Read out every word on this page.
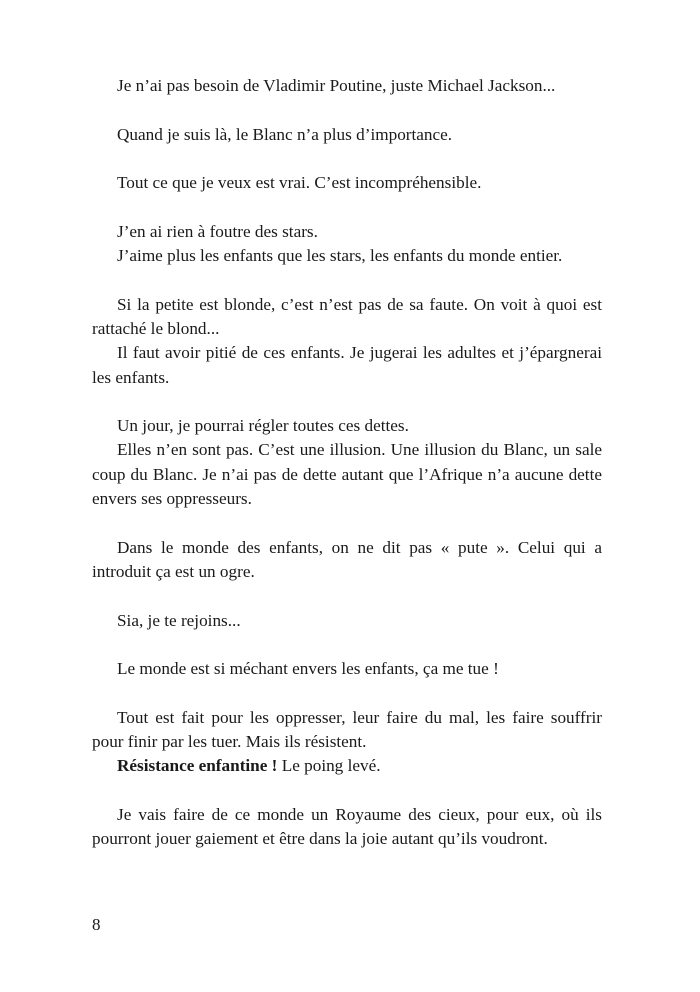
Je n’ai pas besoin de Vladimir Poutine, juste Michael Jackson...

Quand je suis là, le Blanc n’a plus d’importance.

Tout ce que je veux est vrai. C’est incompréhensible.

J’en ai rien à foutre des stars.

J’aime plus les enfants que les stars, les enfants du monde entier.

Si la petite est blonde, c’est n’est pas de sa faute. On voit à quoi est rattaché le blond...

Il faut avoir pitié de ces enfants. Je jugerai les adultes et j’épargnerai les enfants.

Un jour, je pourrai régler toutes ces dettes.

Elles n’en sont pas. C’est une illusion. Une illusion du Blanc, un sale coup du Blanc. Je n’ai pas de dette autant que l’Afrique n’a aucune dette envers ses oppresseurs.

Dans le monde des enfants, on ne dit pas « pute ». Celui qui a introduit ça est un ogre.

Sia, je te rejoins...

Le monde est si méchant envers les enfants, ça me tue !

Tout est fait pour les oppresser, leur faire du mal, les faire souffrir pour finir par les tuer. Mais ils résistent.

Résistance enfantine ! Le poing levé.

Je vais faire de ce monde un Royaume des cieux, pour eux, où ils pourront jouer gaiement et être dans la joie autant qu’ils voudront.

8
